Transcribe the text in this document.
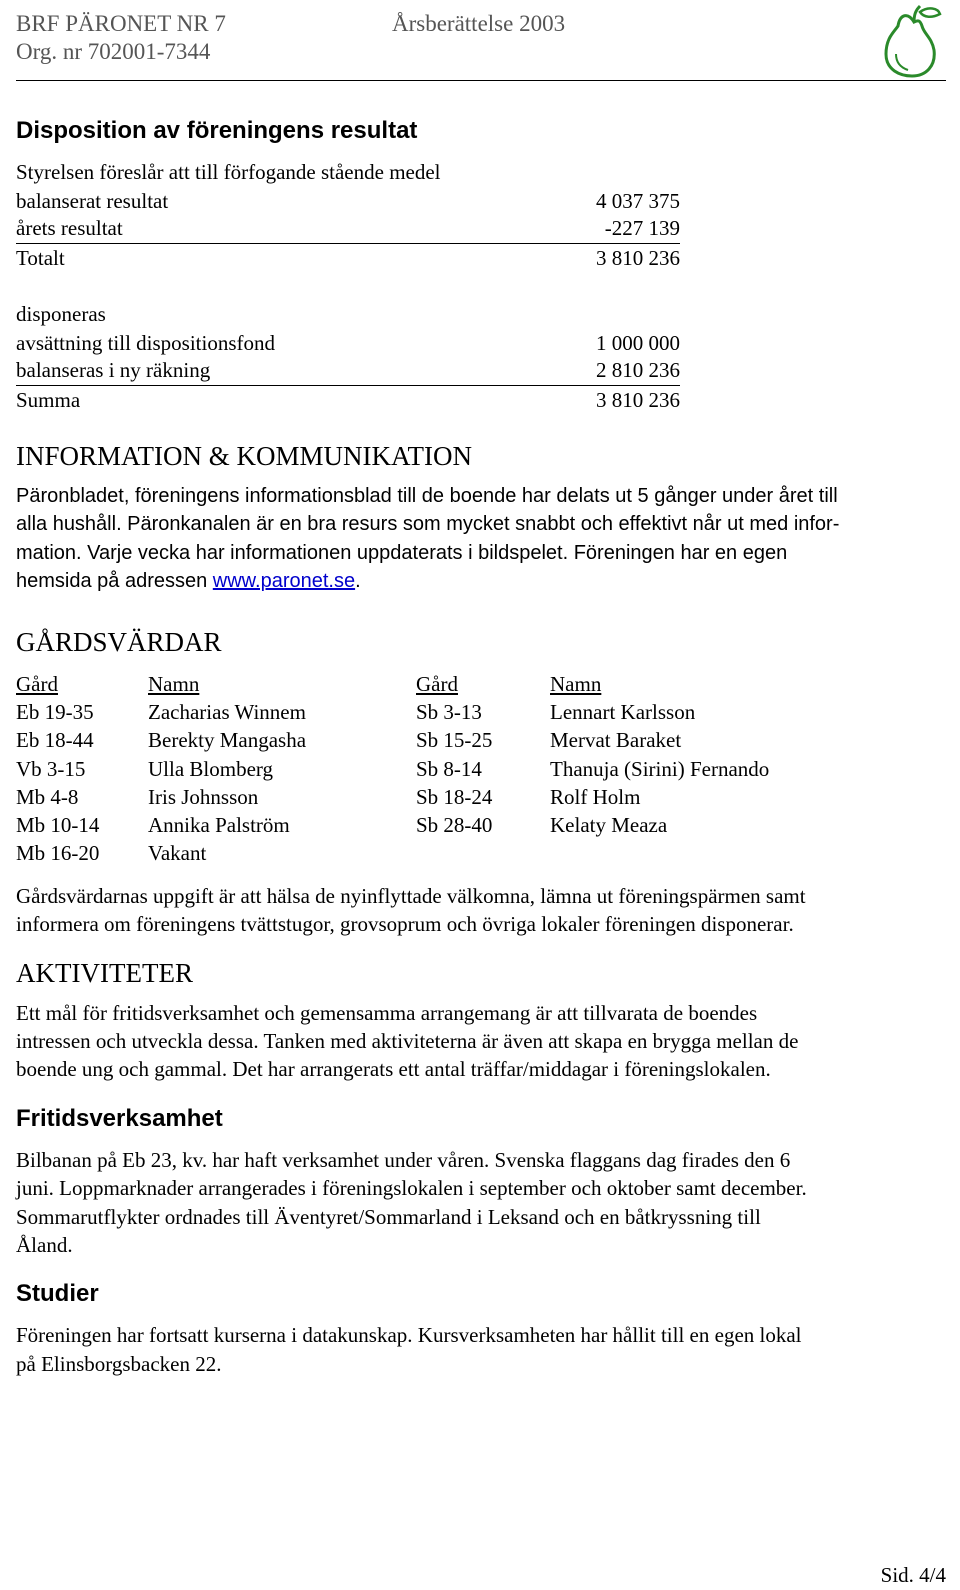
BRF PÄRONET NR 7	Årsberättelse 2003
Org. nr 702001-7344
Disposition av föreningens resultat
Styrelsen föreslår att till förfogande stående medel
balanserat resultat	4 037 375
årets resultat	-227 139
Totalt	3 810 236
disponeras
avsättning till dispositionsfond	1 000 000
balanseras i ny räkning	2 810 236
Summa	3 810 236
INFORMATION & KOMMUNIKATION

Päronbladet, föreningens informationsblad till de boende har delats ut 5 gånger under året till

alla hushåll. Päronkanalen är en bra resurs som mycket snabbt och effektivt når ut med infor-

mation. Varje vecka har informationen uppdaterats i bildspelet. Föreningen har en egen

hemsida på adressen www.paronet.se.

GÅRDSVÄRDAR
Gård	Namn	Gård	Namn
Eb 19-35	Zacharias Winnem	Sb 3-13	Lennart Karlsson
Eb 18-44	Berekty Mangasha	Sb 15-25	Mervat Baraket
Vb 3-15	Ulla Blomberg	Sb 8-14	Thanuja (Sirini) Fernando
Mb 4-8	Iris Johnsson	Sb 18-24	Rolf Holm
Mb 10-14	Annika Palström	Sb 28-40	Kelaty Meaza
Mb 16-20	Vakant		

Gårdsvärdarnas uppgift är att hälsa de nyinflyttade välkomna, lämna ut föreningspärmen samt

informera om föreningens tvättstugor, grovsoprum och övriga lokaler föreningen disponerar.

AKTIVITETER

Ett mål för fritidsverksamhet och gemensamma arrangemang är att tillvarata de boendes

intressen och utveckla dessa. Tanken med aktiviteterna är även att skapa en brygga mellan de

boende ung och gammal. Det har arrangerats ett antal träffar/middagar i föreningslokalen.

Fritidsverksamhet

Bilbanan på Eb 23, kv. har haft verksamhet under våren. Svenska flaggans dag firades den 6

juni. Loppmarknader arrangerades i föreningslokalen i september och oktober samt december.

Sommarutflykter ordnades till Äventyret/Sommarland i Leksand och en båtkryssning till

Åland.

Studier

Föreningen har fortsatt kurserna i datakunskap. Kursverksamheten har hållit till en egen lokal

på Elinsborgsbacken 22.

Sid. 4/4
